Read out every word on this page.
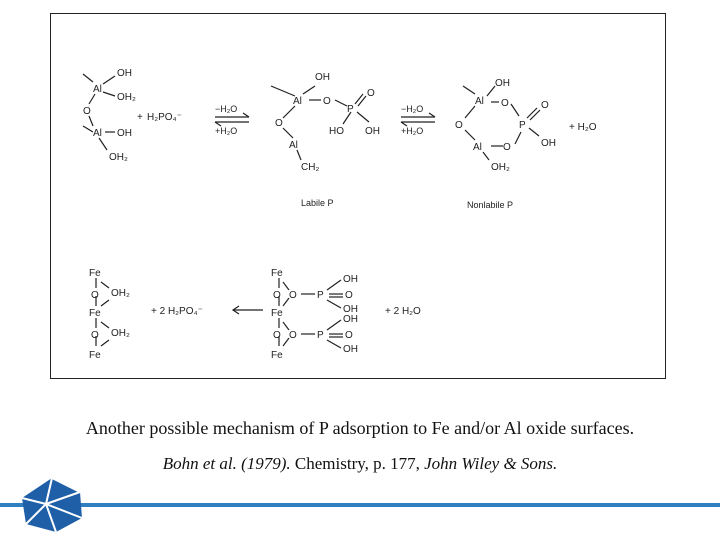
Al
OH
OH₂
O
Al OH
OH₂
H₂PO₄⁻
+
−H₂O
+H₂O
OH
Al O
P
O
O
HO OH
Al
CH₂
Labile P
−H₂O
+H₂O
OH
Al O
P
O
O
Al O	OH
OH₂
+ H₂O
Nonlabile P
Fe
O OH₂
Fe
O OH₂
Fe
+ 2 H₂PO₄⁻
Fe
O O P
OH
O
OH
Fe
O O P
OH
O
OH
Fe
+ 2 H₂O
Another possible mechanism of P adsorption to Fe and/or Al oxide surfaces.
Bohn et al. (1979). Chemistry, p. 177, John Wiley & Sons.
